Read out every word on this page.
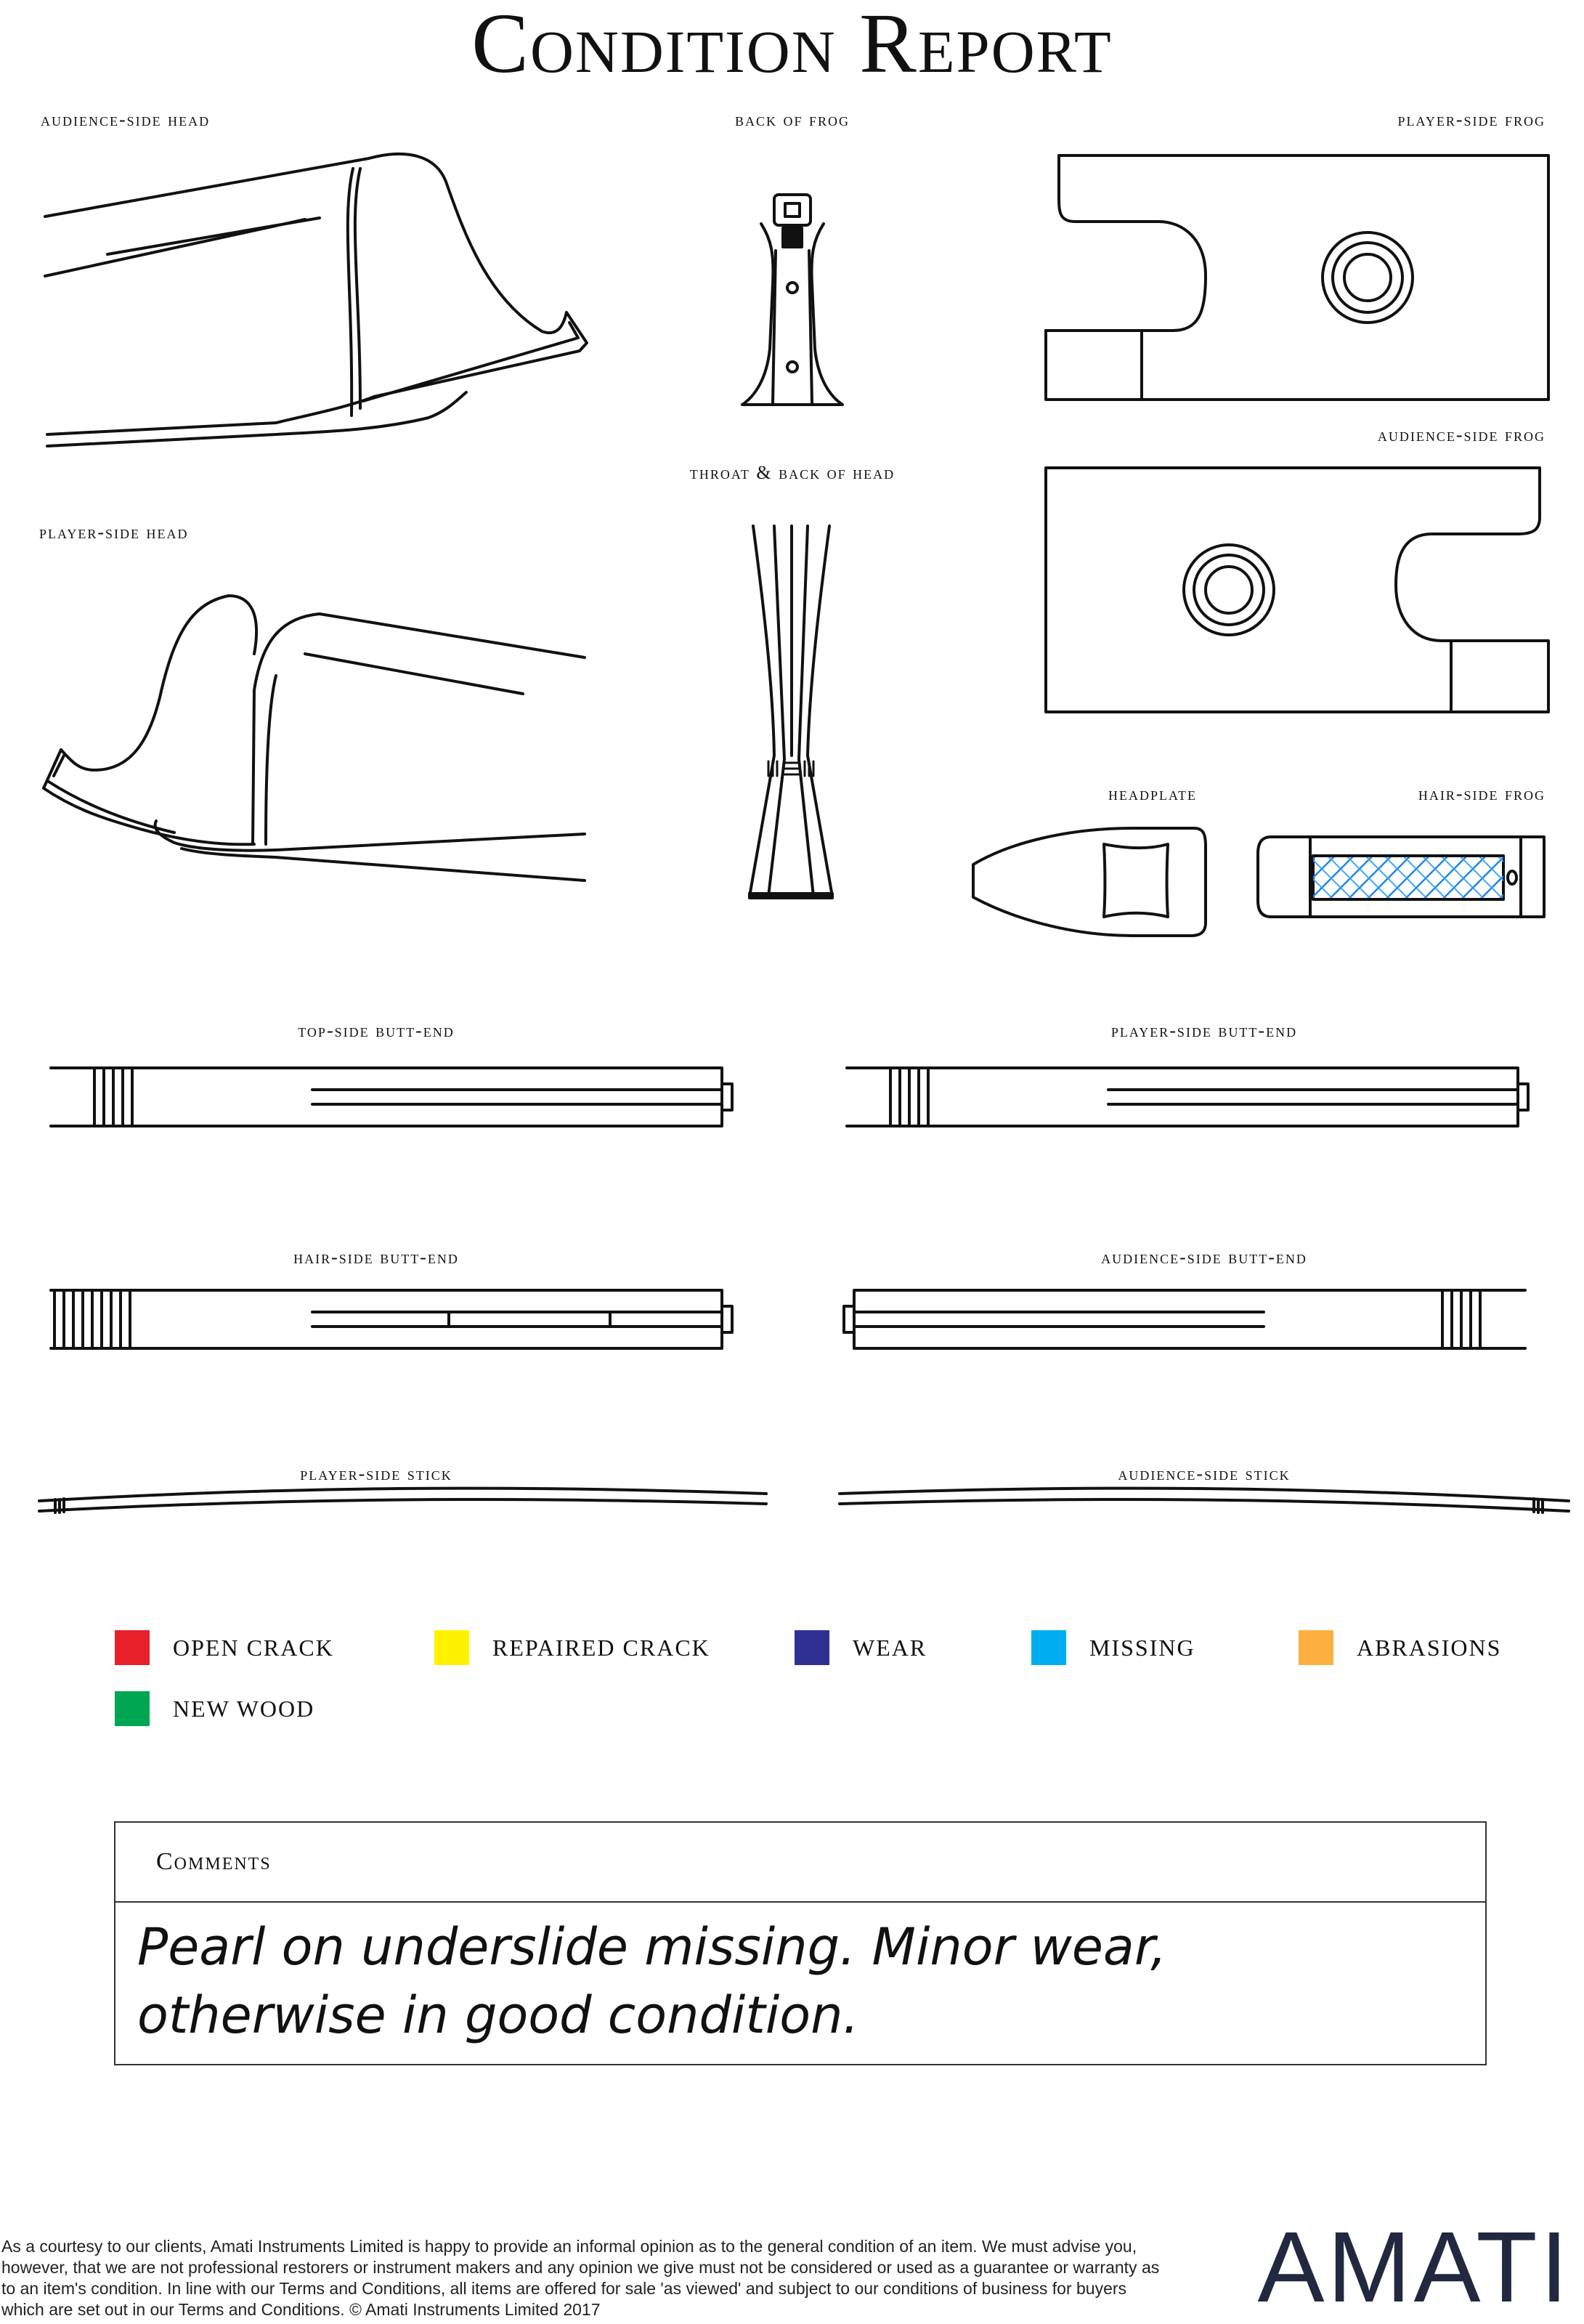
Condition Report
audience-side head	back of frog	player-side frog
audience-side frog
throat & back of head
player-side head
headplate	hair-side frog
top-side butt-end	player-side butt-end
hair-side butt-end	audience-side butt-end
player-side stick	audience-side stick
OPEN CRACK	REPAIRED CRACK	WEAR	MISSING	ABRASIONS
NEW WOOD
Comments
Pearl on underslide missing. Minor wear,
otherwise in good condition.

As a courtesy to our clients, Amati Instruments Limited is happy to provide an informal opinion as to the general condition of an item. We must advise you, however, that we are not professional restorers or instrument makers and any opinion we give must not be considered or used as a guarantee or warranty as to an item's condition. In line with our Terms and Conditions, all items are offered for sale 'as viewed' and subject to our conditions of business for buyers which are set out in our Terms and Conditions. © Amati Instruments Limited 2017	AMATI
